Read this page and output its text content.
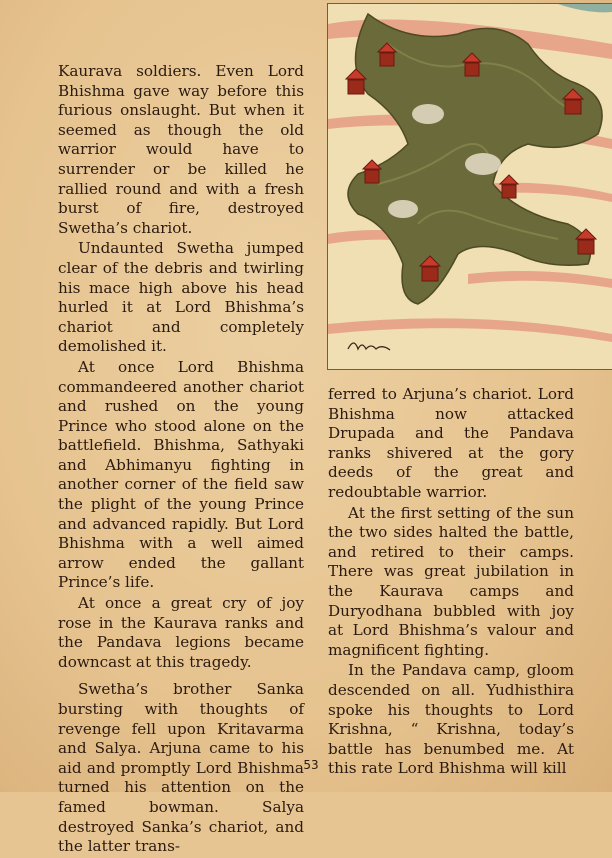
Kaurava soldiers. Even Lord Bhishma gave way before this furious onslaught. But when it seemed as though the old warrior would have to surrender or be killed he rallied round and with a fresh burst of fire, destroyed Swetha’s chariot.

Undaunted Swetha jumped clear of the debris and twirling his mace high above his head hurled it at Lord Bhishma’s chariot and completely demolished it.

At once Lord Bhishma commandeered another chariot and rushed on the young Prince who stood alone on the battlefield. Bhishma, Sathyaki and Abhimanyu fighting in another corner of the field saw the plight of the young Prince and advanced rapidly. But Lord Bhishma with a well aimed arrow ended the gallant Prince’s life.

At once a great cry of joy rose in the Kaurava ranks and the Pandava legions became downcast at this tragedy.

Swetha’s brother Sanka bursting with thoughts of revenge fell upon Kritavarma and Salya. Arjuna came to his aid and promptly Lord Bhishma turned his attention on the famed bowman. Salya destroyed Sanka’s chariot, and the latter trans-

ferred to Arjuna’s chariot. Lord Bhishma now attacked Drupada and the Pandava ranks shivered at the gory deeds of the great and redoubtable warrior.

At the first setting of the sun the two sides halted the battle, and retired to their camps. There was great jubilation in the Kaurava camps and Duryodhana bubbled with joy at Lord Bhishma’s valour and magnificent fighting.

In the Pandava camp, gloom descended on all. Yudhisthira spoke his thoughts to Lord Krishna, “ Krishna, today’s battle has benumbed me. At this rate Lord Bhishma will kill

53
